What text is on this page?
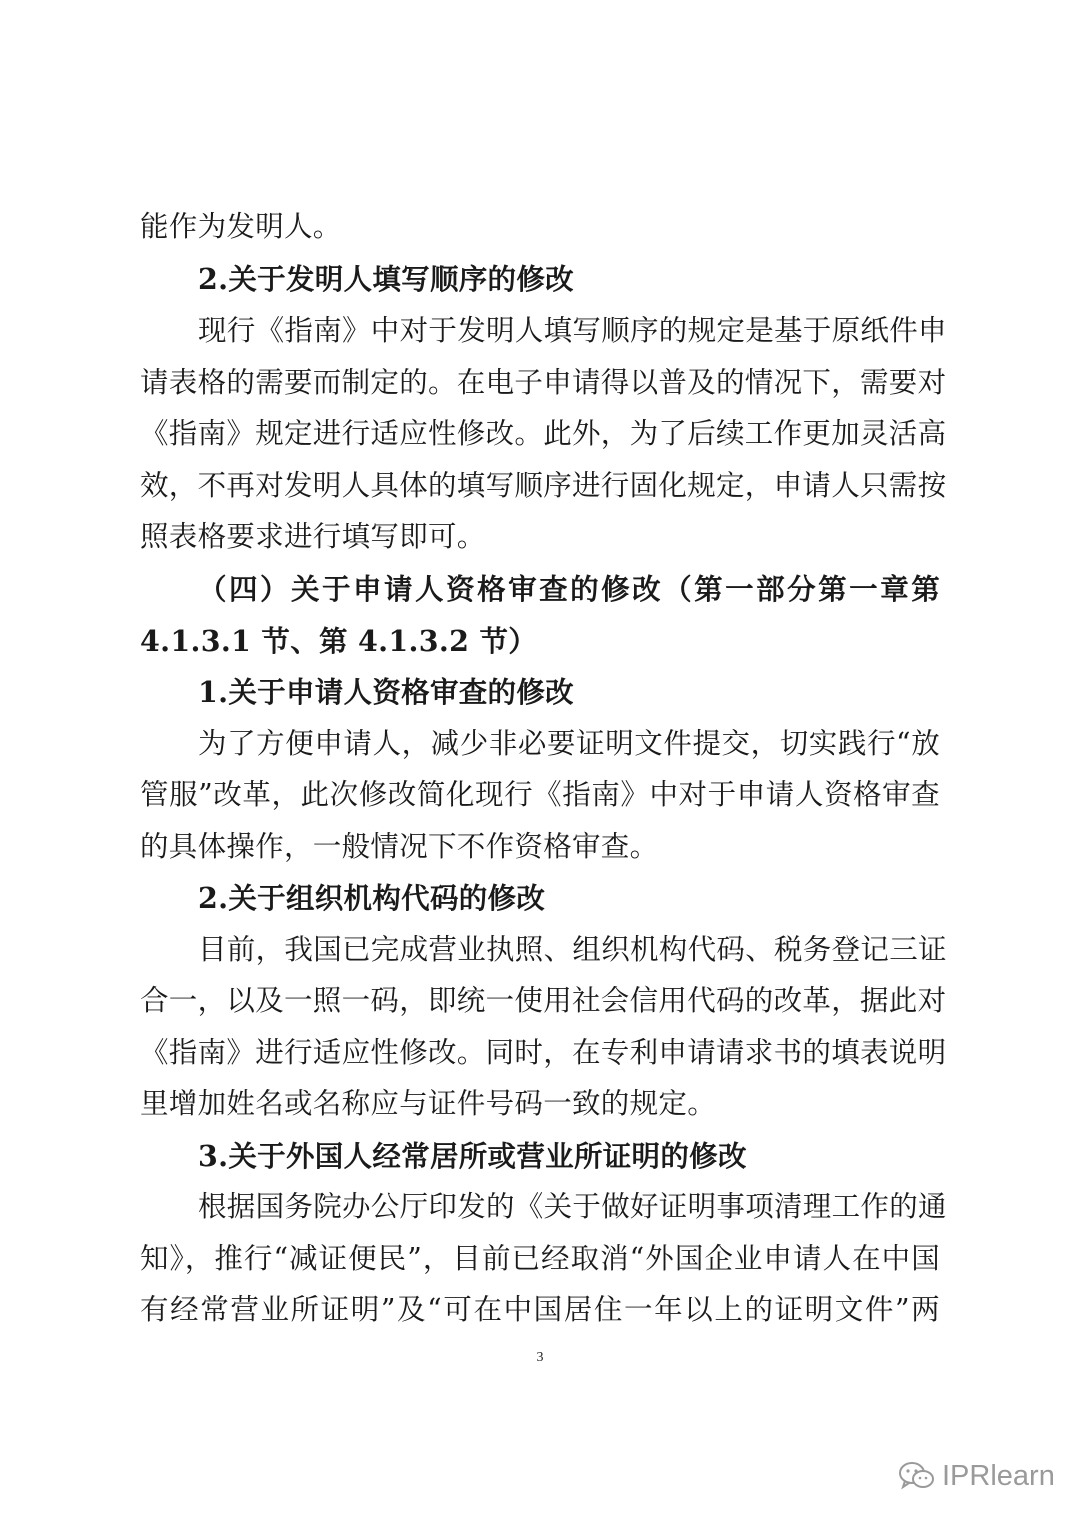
能作为发明人。
2.关于发明人填写顺序的修改
现行《指南》中对于发明人填写顺序的规定是基于原纸件申
请表格的需要而制定的。在电子申请得以普及的情况下，需要对
《指南》规定进行适应性修改。此外，为了后续工作更加灵活高
效，不再对发明人具体的填写顺序进行固化规定，申请人只需按
照表格要求进行填写即可。
（四）关于申请人资格审查的修改（第一部分第一章第
4.1.3.1 节、第 4.1.3.2 节）
1.关于申请人资格审查的修改
为了方便申请人，减少非必要证明文件提交，切实践行“放
管服”改革，此次修改简化现行《指南》中对于申请人资格审查
的具体操作，一般情况下不作资格审查。
2.关于组织机构代码的修改
目前，我国已完成营业执照、组织机构代码、税务登记三证
合一，以及一照一码，即统一使用社会信用代码的改革，据此对
《指南》进行适应性修改。同时，在专利申请请求书的填表说明
里增加姓名或名称应与证件号码一致的规定。
3.关于外国人经常居所或营业所证明的修改
根据国务院办公厅印发的《关于做好证明事项清理工作的通
知》，推行“减证便民”，目前已经取消“外国企业申请人在中国
有经常营业所证明”及“可在中国居住一年以上的证明文件”两
3
IPRlearn
